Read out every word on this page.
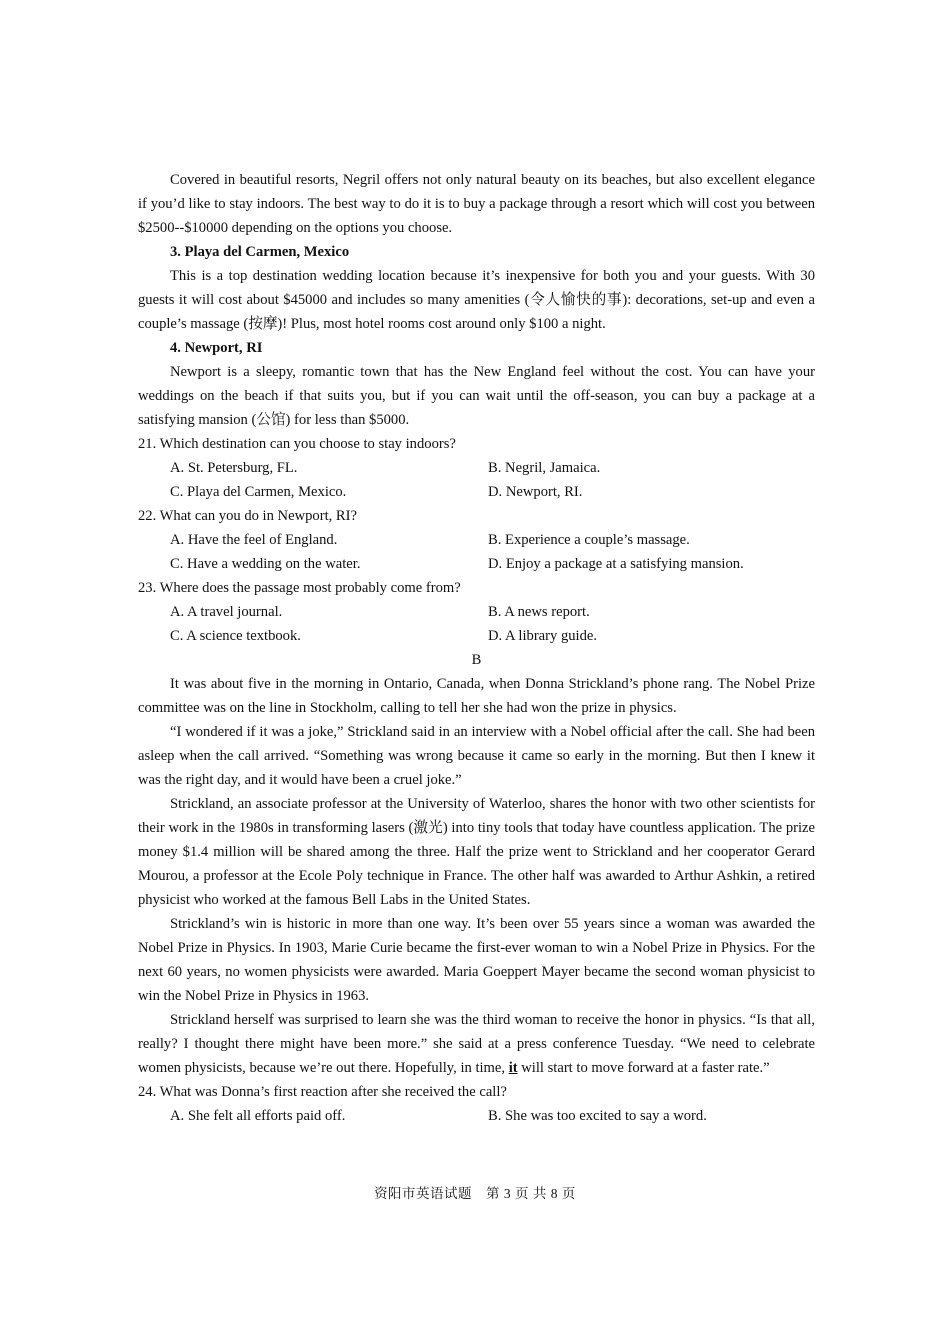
Covered in beautiful resorts, Negril offers not only natural beauty on its beaches, but also excellent elegance if you’d like to stay indoors. The best way to do it is to buy a package through a resort which will cost you between $2500--$10000 depending on the options you choose.

3. Playa del Carmen, Mexico

This is a top destination wedding location because it’s inexpensive for both you and your guests. With 30 guests it will cost about $45000 and includes so many amenities (令人愉快的事): decorations, set-up and even a couple’s massage (按摩)! Plus, most hotel rooms cost around only $100 a night.

4. Newport, RI

Newport is a sleepy, romantic town that has the New England feel without the cost. You can have your weddings on the beach if that suits you, but if you can wait until the off-season, you can buy a package at a satisfying mansion (公馆) for less than $5000.

21. Which destination can you choose to stay indoors?

A. St. Petersburg, FL.	B. Negril, Jamaica.
C. Playa del Carmen, Mexico.	D. Newport, RI.

22. What can you do in Newport, RI?

A. Have the feel of England.	B. Experience a couple’s massage.
C. Have a wedding on the water.	D. Enjoy a package at a satisfying mansion.

23. Where does the passage most probably come from?

A. A travel journal.	B. A news report.
C. A science textbook.	D. A library guide.

B

It was about five in the morning in Ontario, Canada, when Donna Strickland’s phone rang. The Nobel Prize committee was on the line in Stockholm, calling to tell her she had won the prize in physics.

“I wondered if it was a joke,” Strickland said in an interview with a Nobel official after the call. She had been asleep when the call arrived. “Something was wrong because it came so early in the morning. But then I knew it was the right day, and it would have been a cruel joke.”

Strickland, an associate professor at the University of Waterloo, shares the honor with two other scientists for their work in the 1980s in transforming lasers (激光) into tiny tools that today have countless application. The prize money $1.4 million will be shared among the three. Half the prize went to Strickland and her cooperator Gerard Mourou, a professor at the Ecole Poly technique in France. The other half was awarded to Arthur Ashkin, a retired physicist who worked at the famous Bell Labs in the United States.

Strickland’s win is historic in more than one way. It’s been over 55 years since a woman was awarded the Nobel Prize in Physics. In 1903, Marie Curie became the first-ever woman to win a Nobel Prize in Physics. For the next 60 years, no women physicists were awarded. Maria Goeppert Mayer became the second woman physicist to win the Nobel Prize in Physics in 1963.

Strickland herself was surprised to learn she was the third woman to receive the honor in physics. “Is that all, really? I thought there might have been more.” she said at a press conference Tuesday. “We need to celebrate women physicists, because we’re out there. Hopefully, in time, it will start to move forward at a faster rate.”

24. What was Donna’s first reaction after she received the call?

A. She felt all efforts paid off.	B. She was too excited to say a word.
资阳市英语试题　第 3 页 共 8 页
